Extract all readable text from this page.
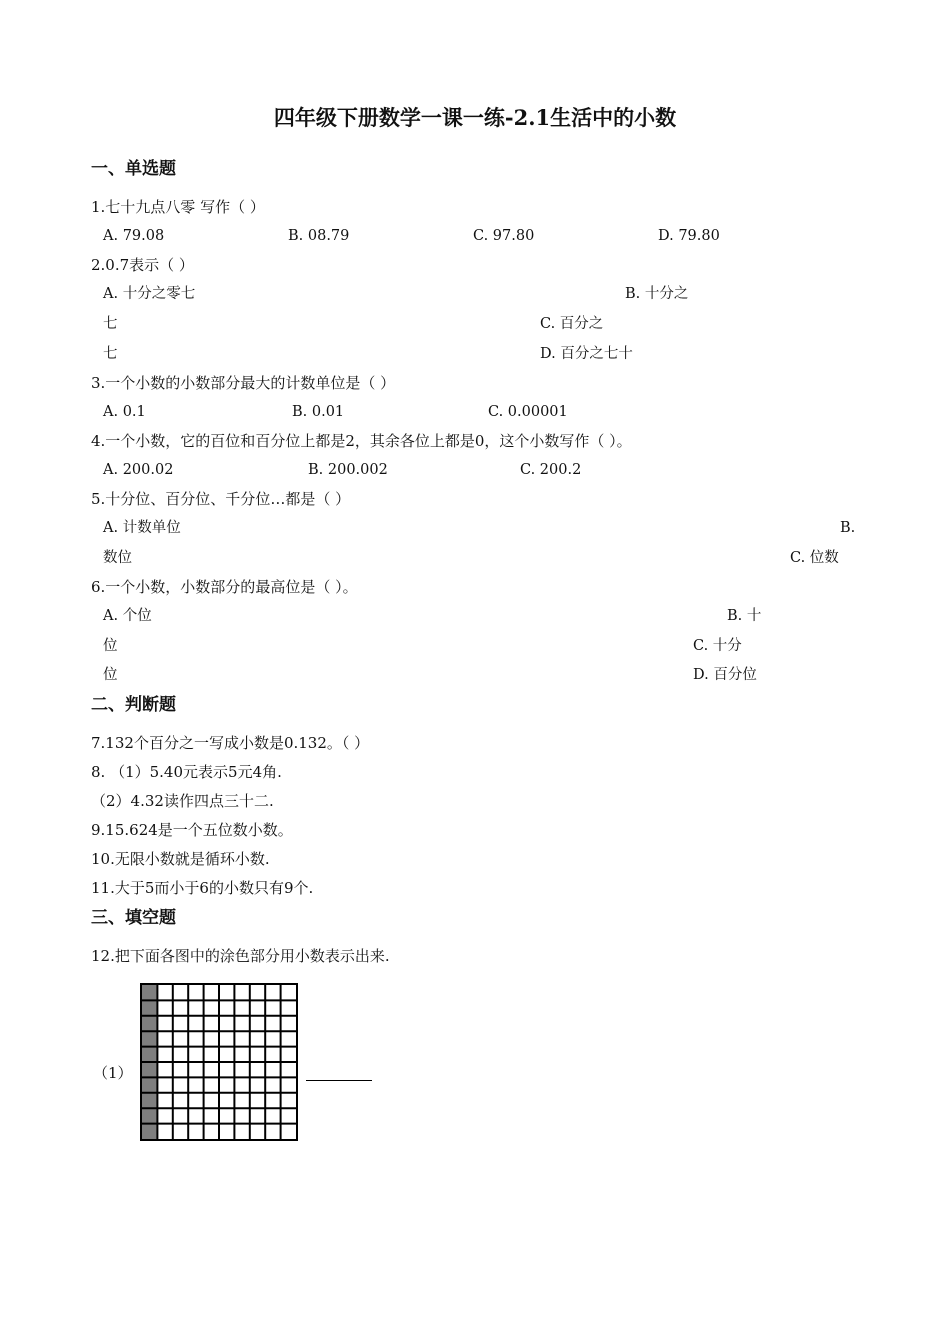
四年级下册数学一课一练-2.1生活中的小数
一、单选题
1.七十九点八零 写作（ ）
A. 79.08	B. 08.79	C. 97.80	D. 79.80
2.0.7表示（ ）
A. 十分之零七	B. 十分之
七	C. 百分之
七	D. 百分之七十
3.一个小数的小数部分最大的计数单位是（ ）
A. 0.1	B. 0.01	C. 0.00001
4.一个小数，它的百位和百分位上都是2，其余各位上都是0，这个小数写作（ ）。
A. 200.02	B. 200.002	C. 200.2
5.十分位、百分位、千分位…都是（ ）
A. 计数单位	B.
数位	C. 位数
6.一个小数，小数部分的最高位是（ ）。
A. 个位	B. 十
位	C. 十分
位	D. 百分位
二、判断题
7.132个百分之一写成小数是0.132。（ ）
8. （1）5.40元表示5元4角.
（2）4.32读作四点三十二.
9.15.624是一个五位数小数。
10.无限小数就是循环小数.
11.大于5而小于6的小数只有9个.
三、填空题
12.把下面各图中的涂色部分用小数表示出来.
（1）
